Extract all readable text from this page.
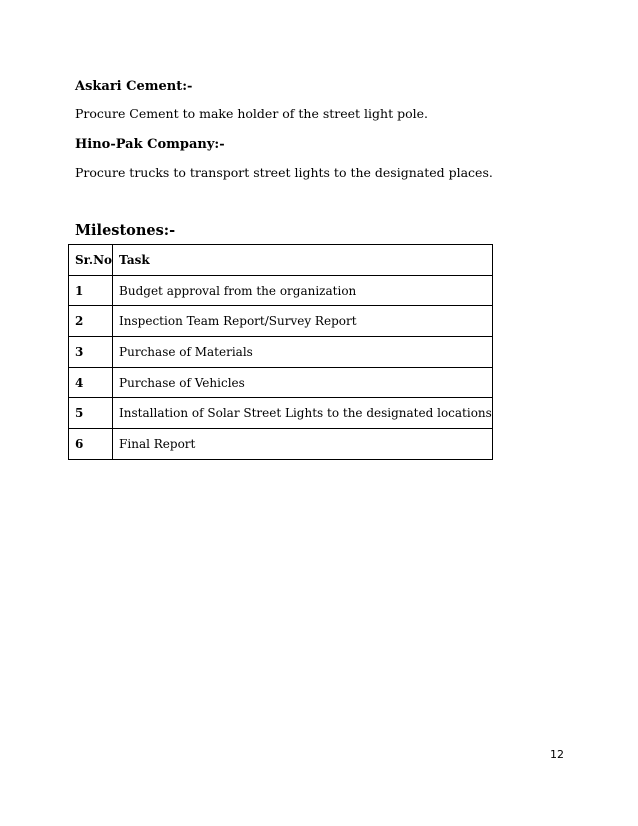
Askari Cement:-

Procure Cement to make holder of the street light pole.

Hino-Pak Company:-

Procure trucks to transport street lights to the designated places.

Milestones:-

Sr.No	Task
1	Budget approval from the organization
2	Inspection Team Report/Survey Report
3	Purchase of Materials
4	Purchase of Vehicles
5	Installation of Solar Street Lights to the designated locations
6	Final Report

12
